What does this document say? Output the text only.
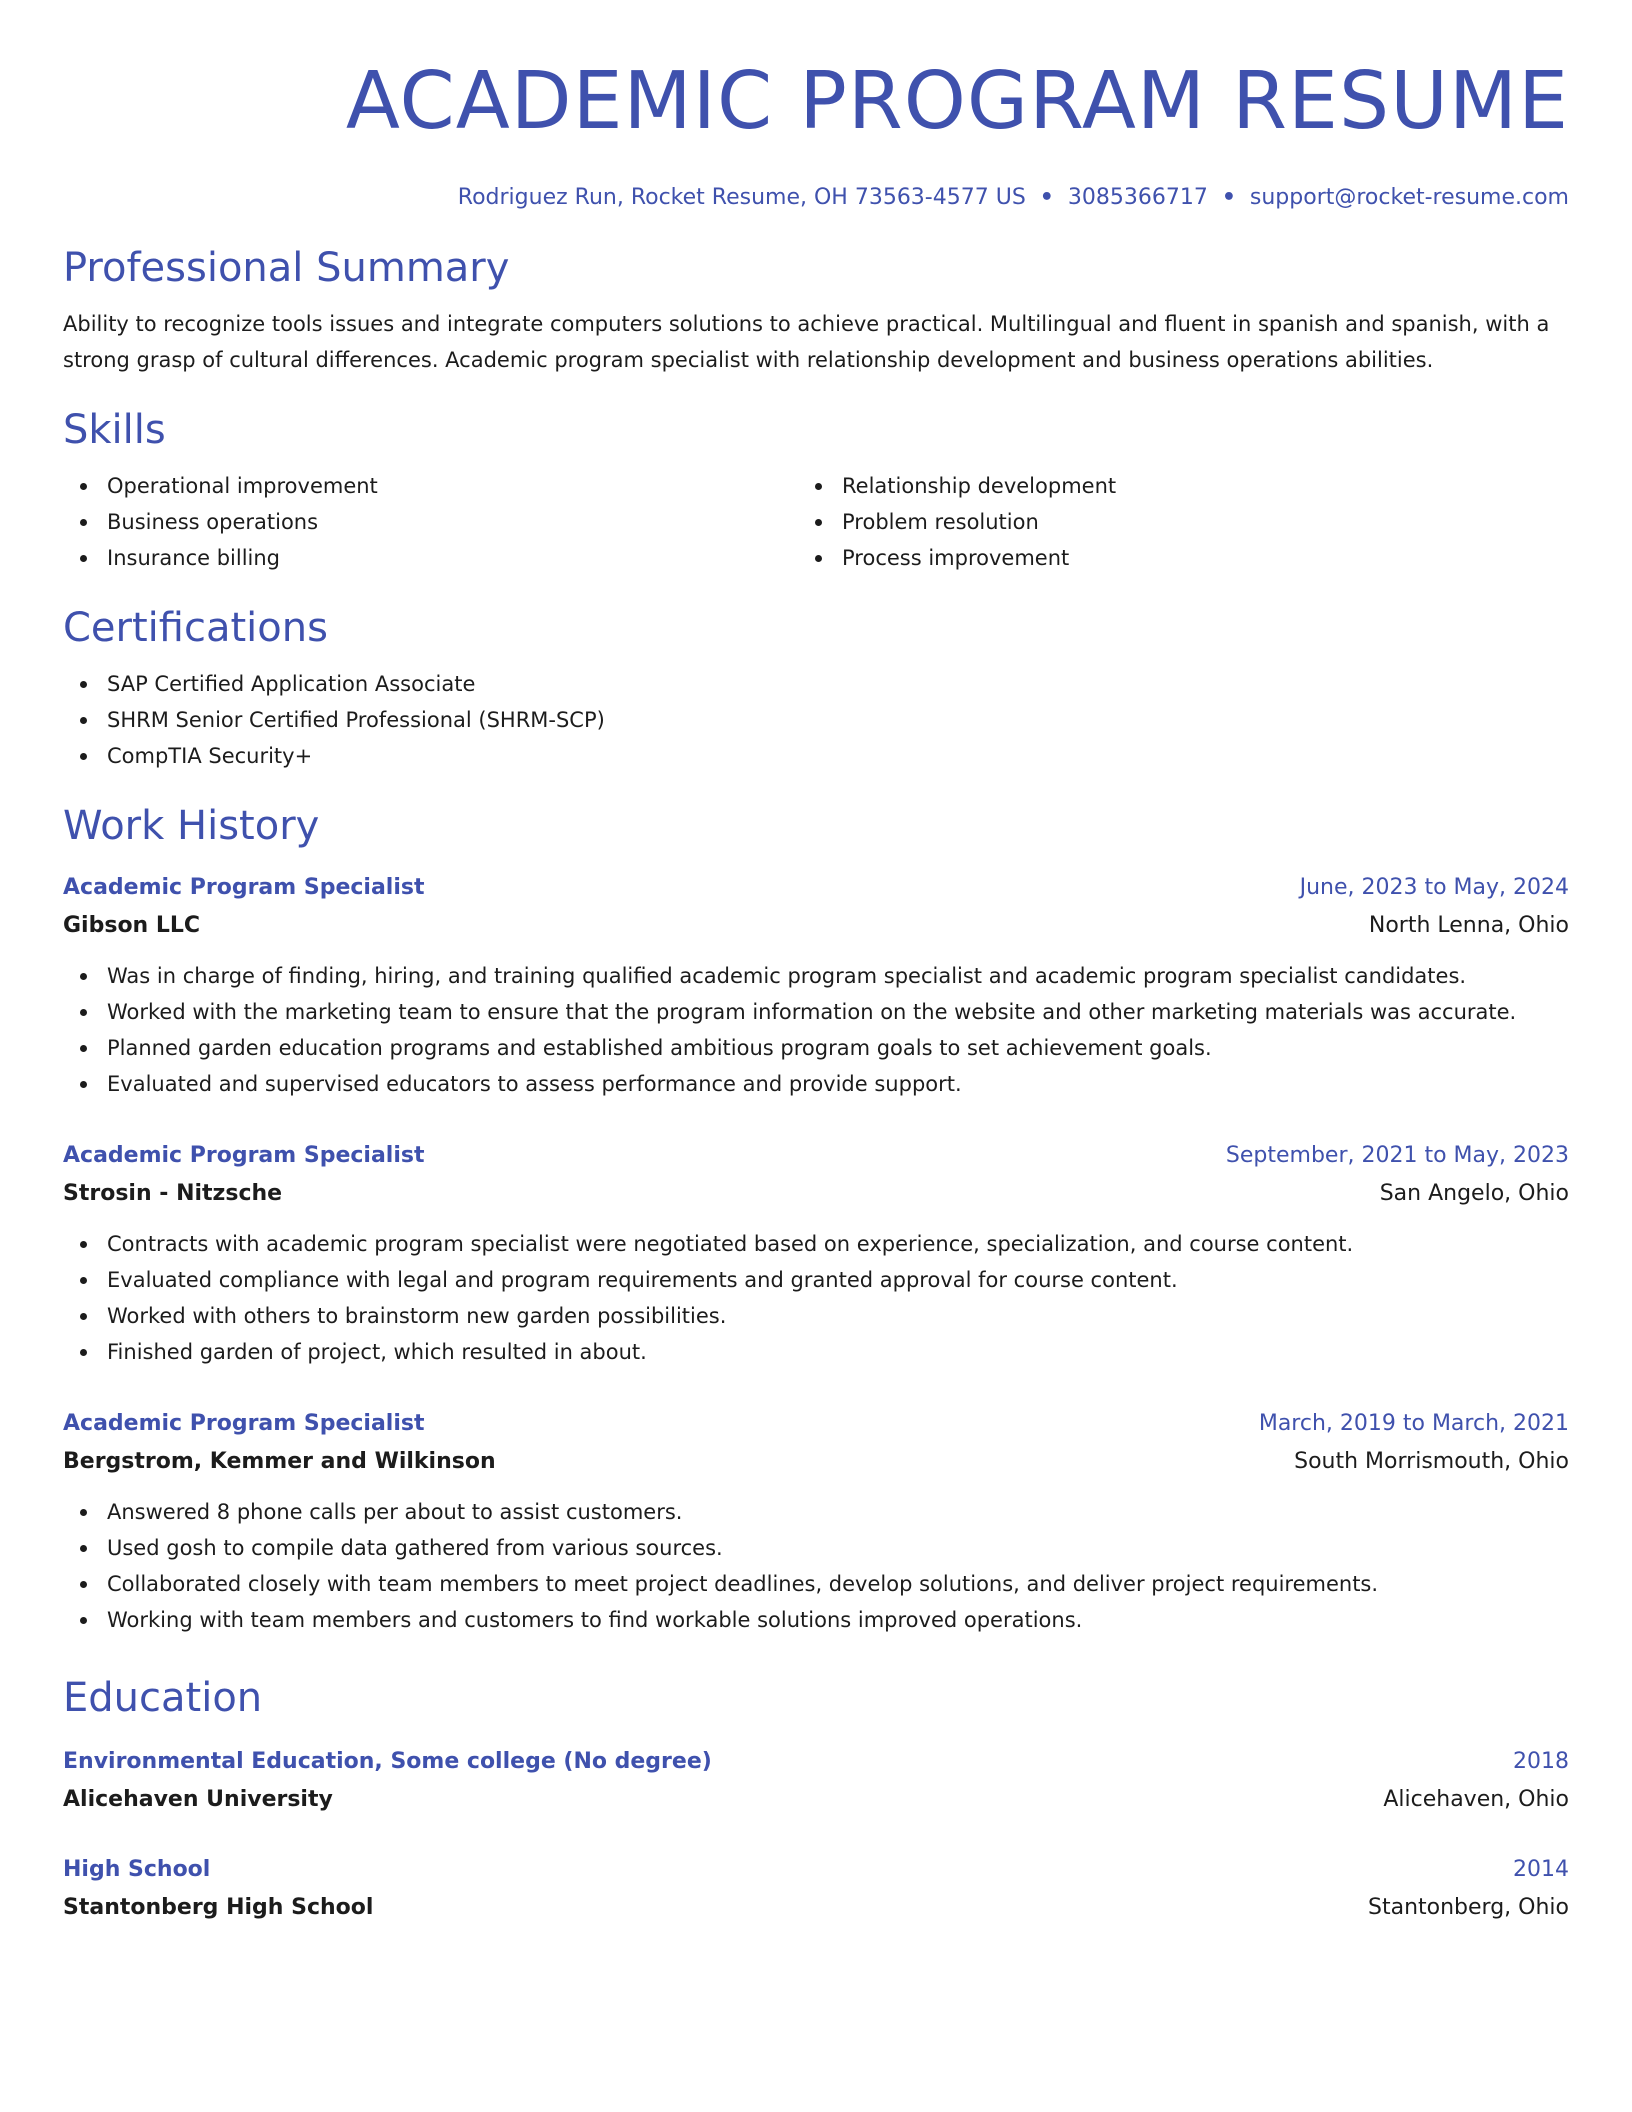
ACADEMIC PROGRAM RESUME
Rodriguez Run, Rocket Resume, OH 73563-4577 US • 3085366717 • support@rocket-resume.com
Professional Summary

Ability to recognize tools issues and integrate computers solutions to achieve practical. Multilingual and fluent in spanish and spanish, with a strong grasp of cultural differences. Academic program specialist with relationship development and business operations abilities.

Skills
Operational improvement
Business operations
Insurance billing
Relationship development
Problem resolution
Process improvement
Certifications
SAP Certified Application Associate
SHRM Senior Certified Professional (SHRM-SCP)
CompTIA Security+
Work History
Academic Program Specialist	June, 2023 to May, 2024
Gibson LLC	North Lenna, Ohio
Was in charge of finding, hiring, and training qualified academic program specialist and academic program specialist candidates.
Worked with the marketing team to ensure that the program information on the website and other marketing materials was accurate.
Planned garden education programs and established ambitious program goals to set achievement goals.
Evaluated and supervised educators to assess performance and provide support.
Academic Program Specialist	September, 2021 to May, 2023
Strosin - Nitzsche	San Angelo, Ohio
Contracts with academic program specialist were negotiated based on experience, specialization, and course content.
Evaluated compliance with legal and program requirements and granted approval for course content.
Worked with others to brainstorm new garden possibilities.
Finished garden of project, which resulted in about.
Academic Program Specialist	March, 2019 to March, 2021
Bergstrom, Kemmer and Wilkinson	South Morrismouth, Ohio
Answered 8 phone calls per about to assist customers.
Used gosh to compile data gathered from various sources.
Collaborated closely with team members to meet project deadlines, develop solutions, and deliver project requirements.
Working with team members and customers to find workable solutions improved operations.
Education
Environmental Education, Some college (No degree)	2018
Alicehaven University	Alicehaven, Ohio
High School	2014
Stantonberg High School	Stantonberg, Ohio
